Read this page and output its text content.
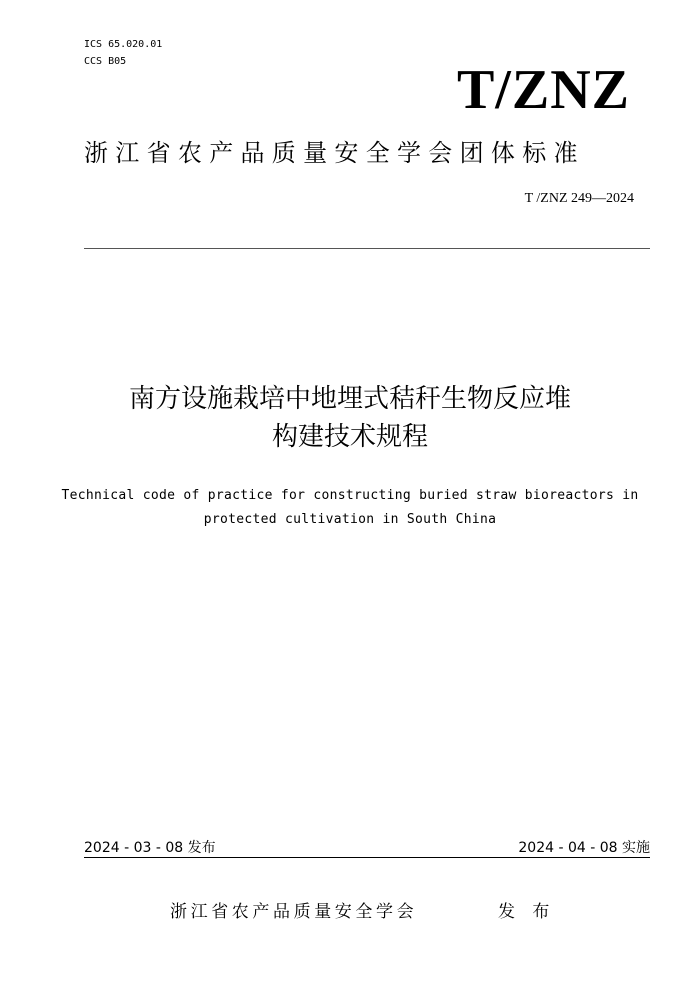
ICS 65.020.01
CCS B05	T/ZNZ
浙江省农产品质量安全学会团体标准
T /ZNZ 249—2024
南方设施栽培中地埋式秸秆生物反应堆
构建技术规程
Technical code of practice for constructing buried straw bioreactors in
protected cultivation in South China
2024 - 03 - 08 发布	2024 - 04 - 08 实施
浙江省农产品质量安全学会	发 布
